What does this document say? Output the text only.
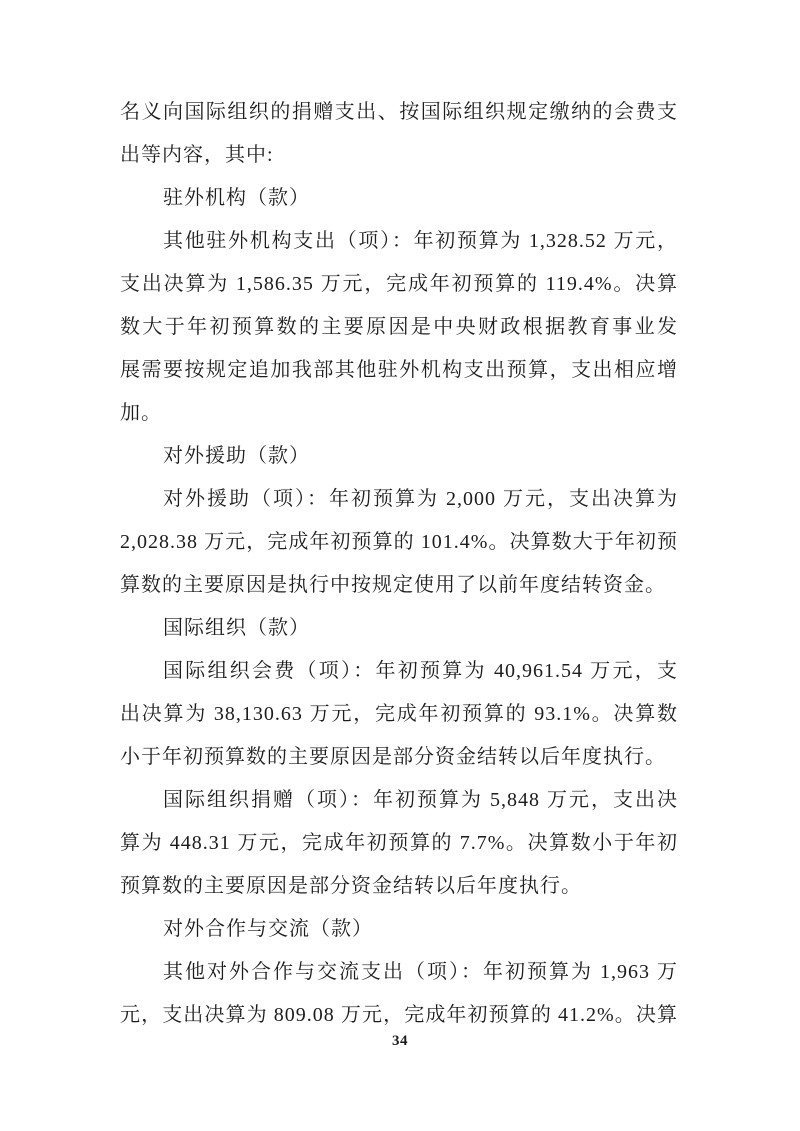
名义向国际组织的捐赠支出、按国际组织规定缴纳的会费支

出等内容，其中:

驻外机构（款）

其他驻外机构支出（项）：年初预算为 1,328.52 万元，

支出决算为 1,586.35 万元，完成年初预算的 119.4%。决算

数大于年初预算数的主要原因是中央财政根据教育事业发

展需要按规定追加我部其他驻外机构支出预算，支出相应增

加。

对外援助（款）

对外援助（项）：年初预算为 2,000 万元，支出决算为

2,028.38 万元，完成年初预算的 101.4%。决算数大于年初预

算数的主要原因是执行中按规定使用了以前年度结转资金。

国际组织（款）

国际组织会费（项）：年初预算为 40,961.54 万元，支

出决算为 38,130.63 万元，完成年初预算的 93.1%。决算数

小于年初预算数的主要原因是部分资金结转以后年度执行。

国际组织捐赠（项）：年初预算为 5,848 万元，支出决

算为 448.31 万元，完成年初预算的 7.7%。决算数小于年初

预算数的主要原因是部分资金结转以后年度执行。

对外合作与交流（款）

其他对外合作与交流支出（项）：年初预算为 1,963 万

元，支出决算为 809.08 万元，完成年初预算的 41.2%。决算

34
